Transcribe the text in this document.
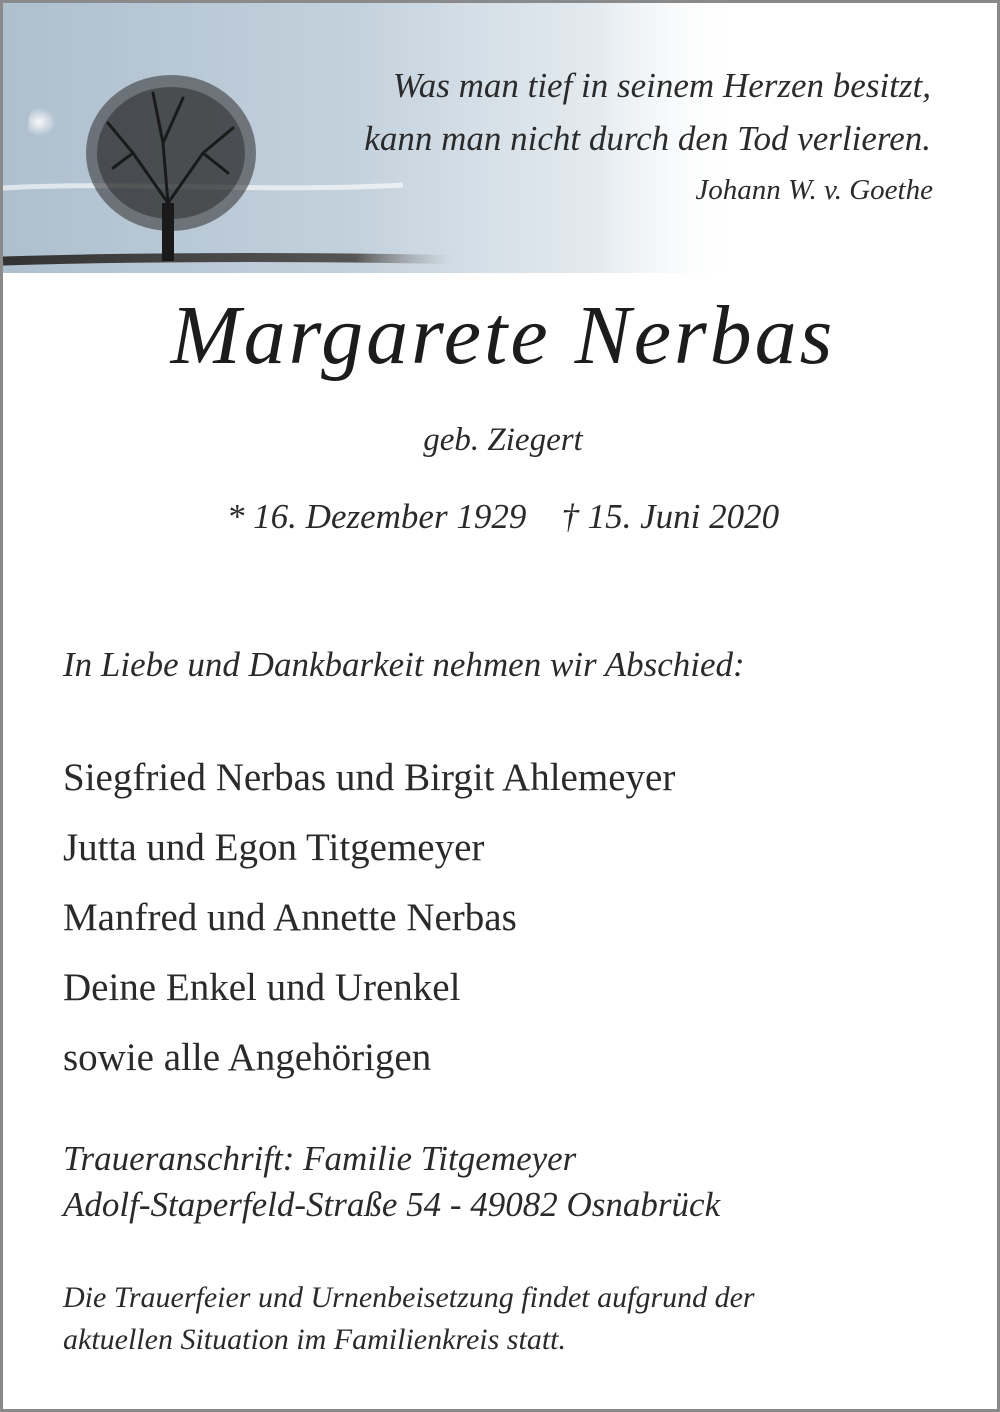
Was man tief in seinem Herzen besitzt,
kann man nicht durch den Tod verlieren.
Johann W. v. Goethe
Margarete Nerbas
geb. Ziegert
* 16. Dezember 1929    † 15. Juni 2020
In Liebe und Dankbarkeit nehmen wir Abschied:
Siegfried Nerbas und Birgit Ahlemeyer
Jutta und Egon Titgemeyer
Manfred und Annette Nerbas
Deine Enkel und Urenkel
sowie alle Angehörigen
Traueranschrift: Familie Titgemeyer
Adolf-Staperfeld-Straße 54 - 49082 Osnabrück
Die Trauerfeier und Urnenbeisetzung findet aufgrund der
aktuellen Situation im Familienkreis statt.
